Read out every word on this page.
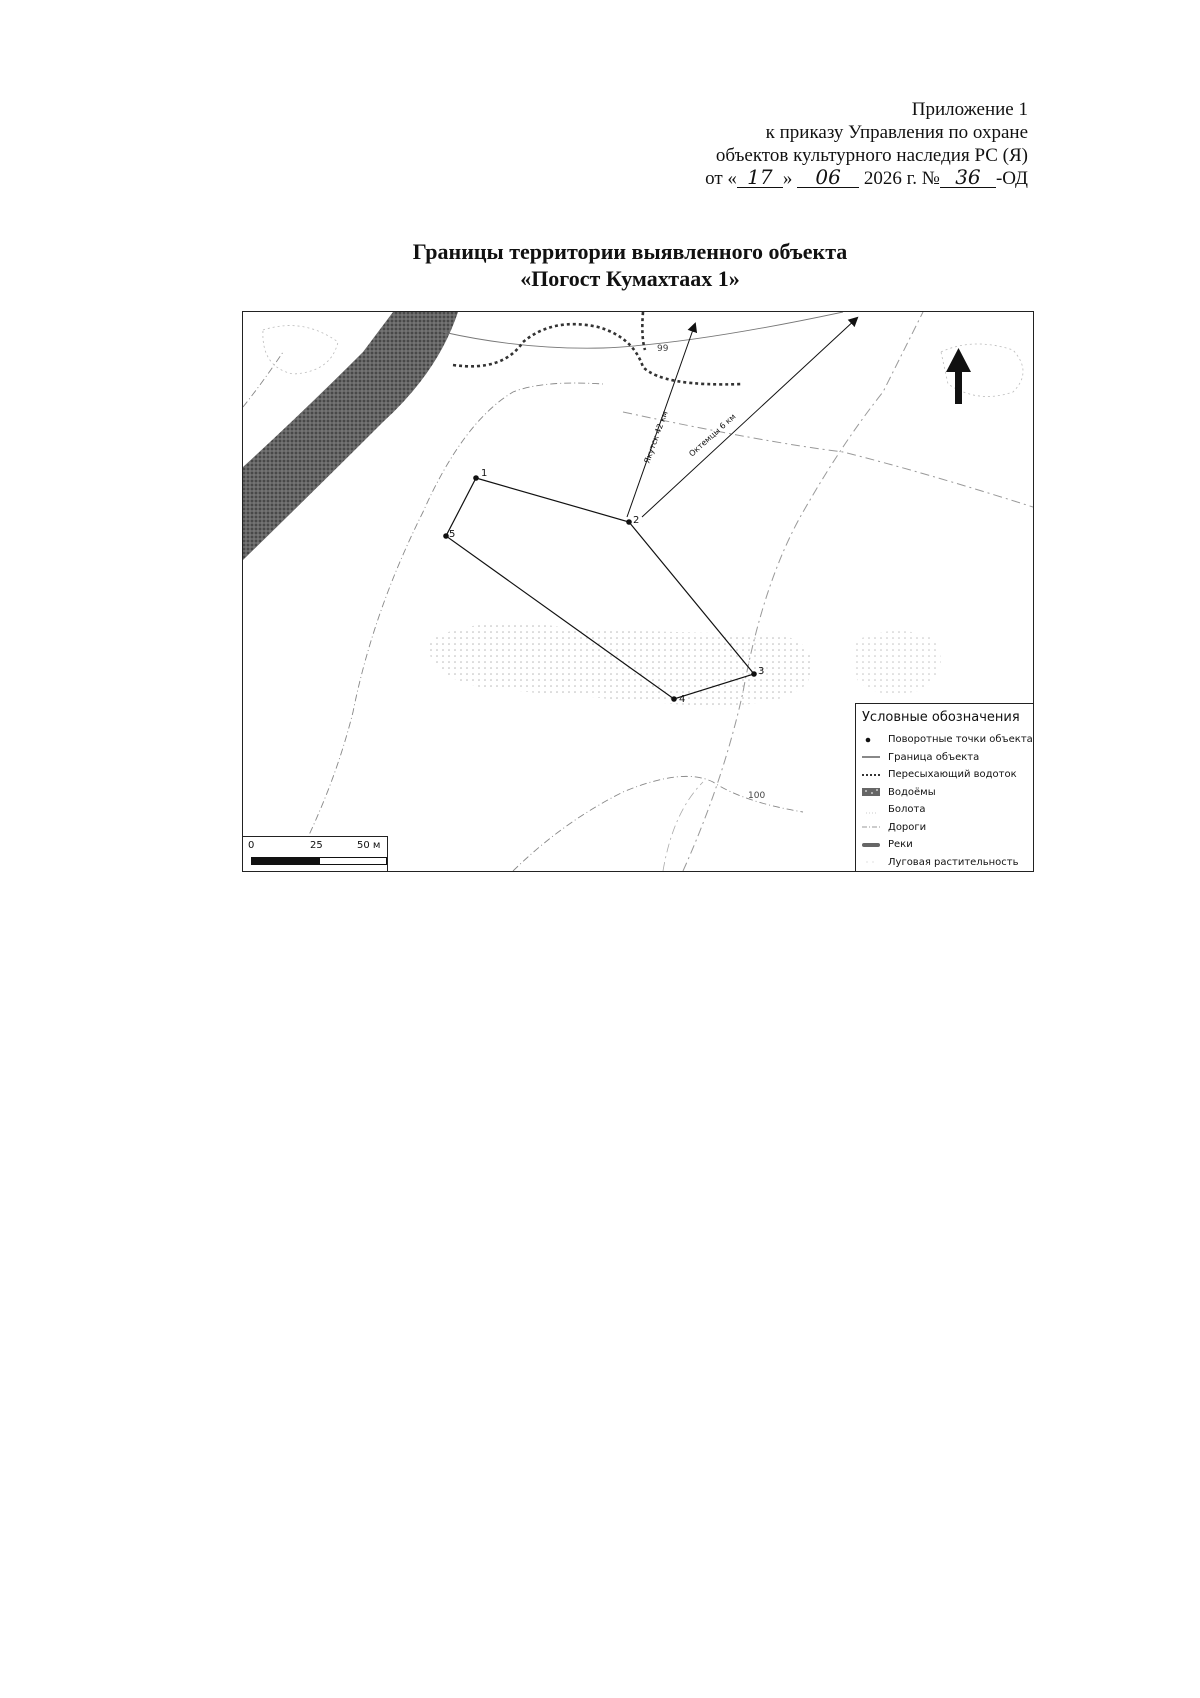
Приложение 1
к приказу Управления по охране
объектов культурного наследия РС (Я)
от « 17 » 06 2026 г. № 36 -ОД
Границы территории выявленного объекта
«Погост Кумахтаах 1»
Якутск 42 км Октемцы 6 км
99
100
1
2
3
4
5
0	25	50 м
Условные обозначения
Поворотные точки объекта
Граница объекта
Пересыхающий водоток
Водоёмы
Болота
Дороги
Реки
Луговая растительность
